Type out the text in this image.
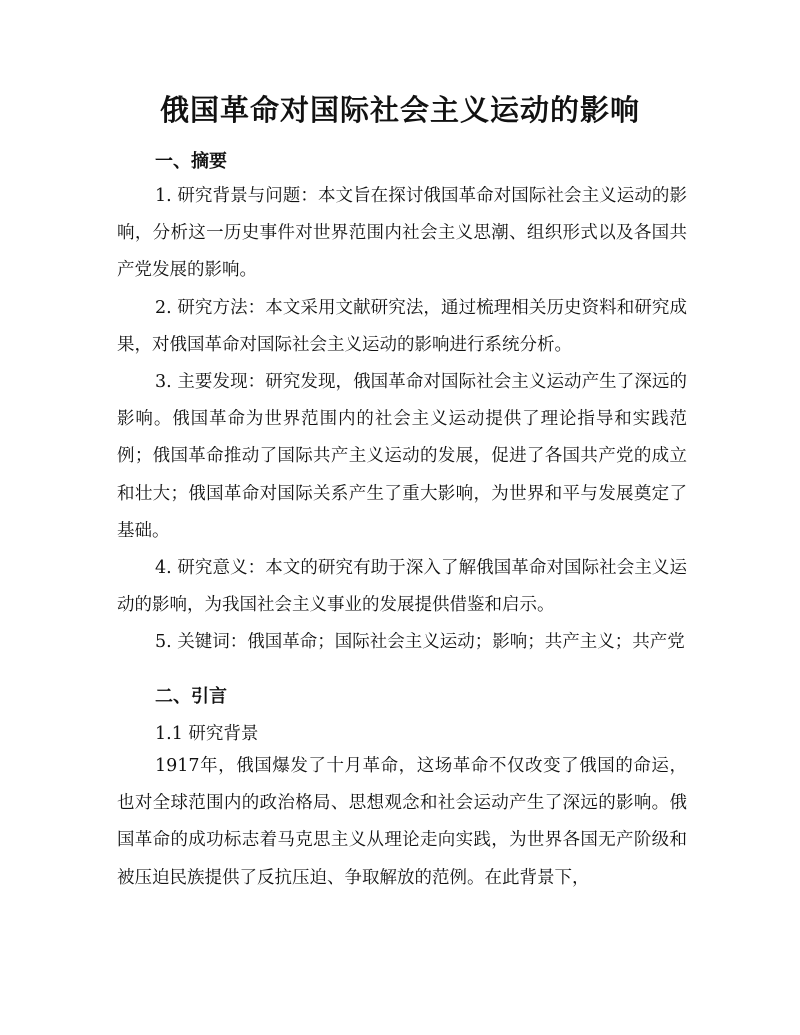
俄国革命对国际社会主义运动的影响
一、摘要

1. 研究背景与问题：本文旨在探讨俄国革命对国际社会主义运动的影响，分析这一历史事件对世界范围内社会主义思潮、组织形式以及各国共产党发展的影响。

2. 研究方法：本文采用文献研究法，通过梳理相关历史资料和研究成果，对俄国革命对国际社会主义运动的影响进行系统分析。

3. 主要发现：研究发现，俄国革命对国际社会主义运动产生了深远的影响。俄国革命为世界范围内的社会主义运动提供了理论指导和实践范例；俄国革命推动了国际共产主义运动的发展，促进了各国共产党的成立和壮大；俄国革命对国际关系产生了重大影响，为世界和平与发展奠定了基础。

4. 研究意义：本文的研究有助于深入了解俄国革命对国际社会主义运动的影响，为我国社会主义事业的发展提供借鉴和启示。

5. 关键词：俄国革命；国际社会主义运动；影响；共产主义；共产党

二、引言
1.1 研究背景

1917年，俄国爆发了十月革命，这场革命不仅改变了俄国的命运，也对全球范围内的政治格局、思想观念和社会运动产生了深远的影响。俄国革命的成功标志着马克思主义从理论走向实践，为世界各国无产阶级和被压迫民族提供了反抗压迫、争取解放的范例。在此背景下，
